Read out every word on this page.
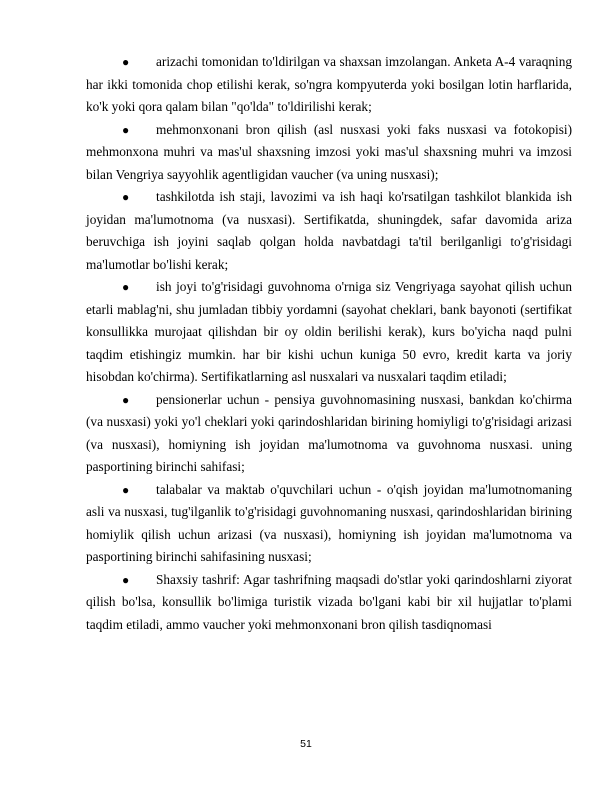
● arizachi tomonidan to'ldirilgan va shaxsan imzolangan. Anketa A-4 varaqning har ikki tomonida chop etilishi kerak, so'ngra kompyuterda yoki bosilgan lotin harflarida, ko'k yoki qora qalam bilan "qo'lda" to'ldirilishi kerak;

● mehmonxonani bron qilish (asl nusxasi yoki faks nusxasi va fotokopisi) mehmonxona muhri va mas'ul shaxsning imzosi yoki mas'ul shaxsning muhri va imzosi bilan Vengriya sayyohlik agentligidan vaucher (va uning nusxasi);

● tashkilotda ish staji, lavozimi va ish haqi ko'rsatilgan tashkilot blankida ish joyidan ma'lumotnoma (va nusxasi). Sertifikatda, shuningdek, safar davomida ariza beruvchiga ish joyini saqlab qolgan holda navbatdagi ta'til berilganligi to'g'risidagi ma'lumotlar bo'lishi kerak;

● ish joyi to'g'risidagi guvohnoma o'rniga siz Vengriyaga sayohat qilish uchun etarli mablag'ni, shu jumladan tibbiy yordamni (sayohat cheklari, bank bayonoti (sertifikat konsullikka murojaat qilishdan bir oy oldin berilishi kerak), kurs bo'yicha naqd pulni taqdim etishingiz mumkin. har bir kishi uchun kuniga 50 evro, kredit karta va joriy hisobdan ko'chirma). Sertifikatlarning asl nusxalari va nusxalari taqdim etiladi;

● pensionerlar uchun - pensiya guvohnomasining nusxasi, bankdan ko'chirma (va nusxasi) yoki yo'l cheklari yoki qarindoshlaridan birining homiyligi to'g'risidagi arizasi (va nusxasi), homiyning ish joyidan ma'lumotnoma va guvohnoma nusxasi. uning pasportining birinchi sahifasi;

● talabalar va maktab o'quvchilari uchun - o'qish joyidan ma'lumotnomaning asli va nusxasi, tug'ilganlik to'g'risidagi guvohnomaning nusxasi, qarindoshlaridan birining homiylik qilish uchun arizasi (va nusxasi), homiyning ish joyidan ma'lumotnoma va pasportining birinchi sahifasining nusxasi;

● Shaxsiy tashrif: Agar tashrifning maqsadi do'stlar yoki qarindoshlarni ziyorat qilish bo'lsa, konsullik bo'limiga turistik vizada bo'lgani kabi bir xil hujjatlar to'plami taqdim etiladi, ammo vaucher yoki mehmonxonani bron qilish tasdiqnomasi

51
